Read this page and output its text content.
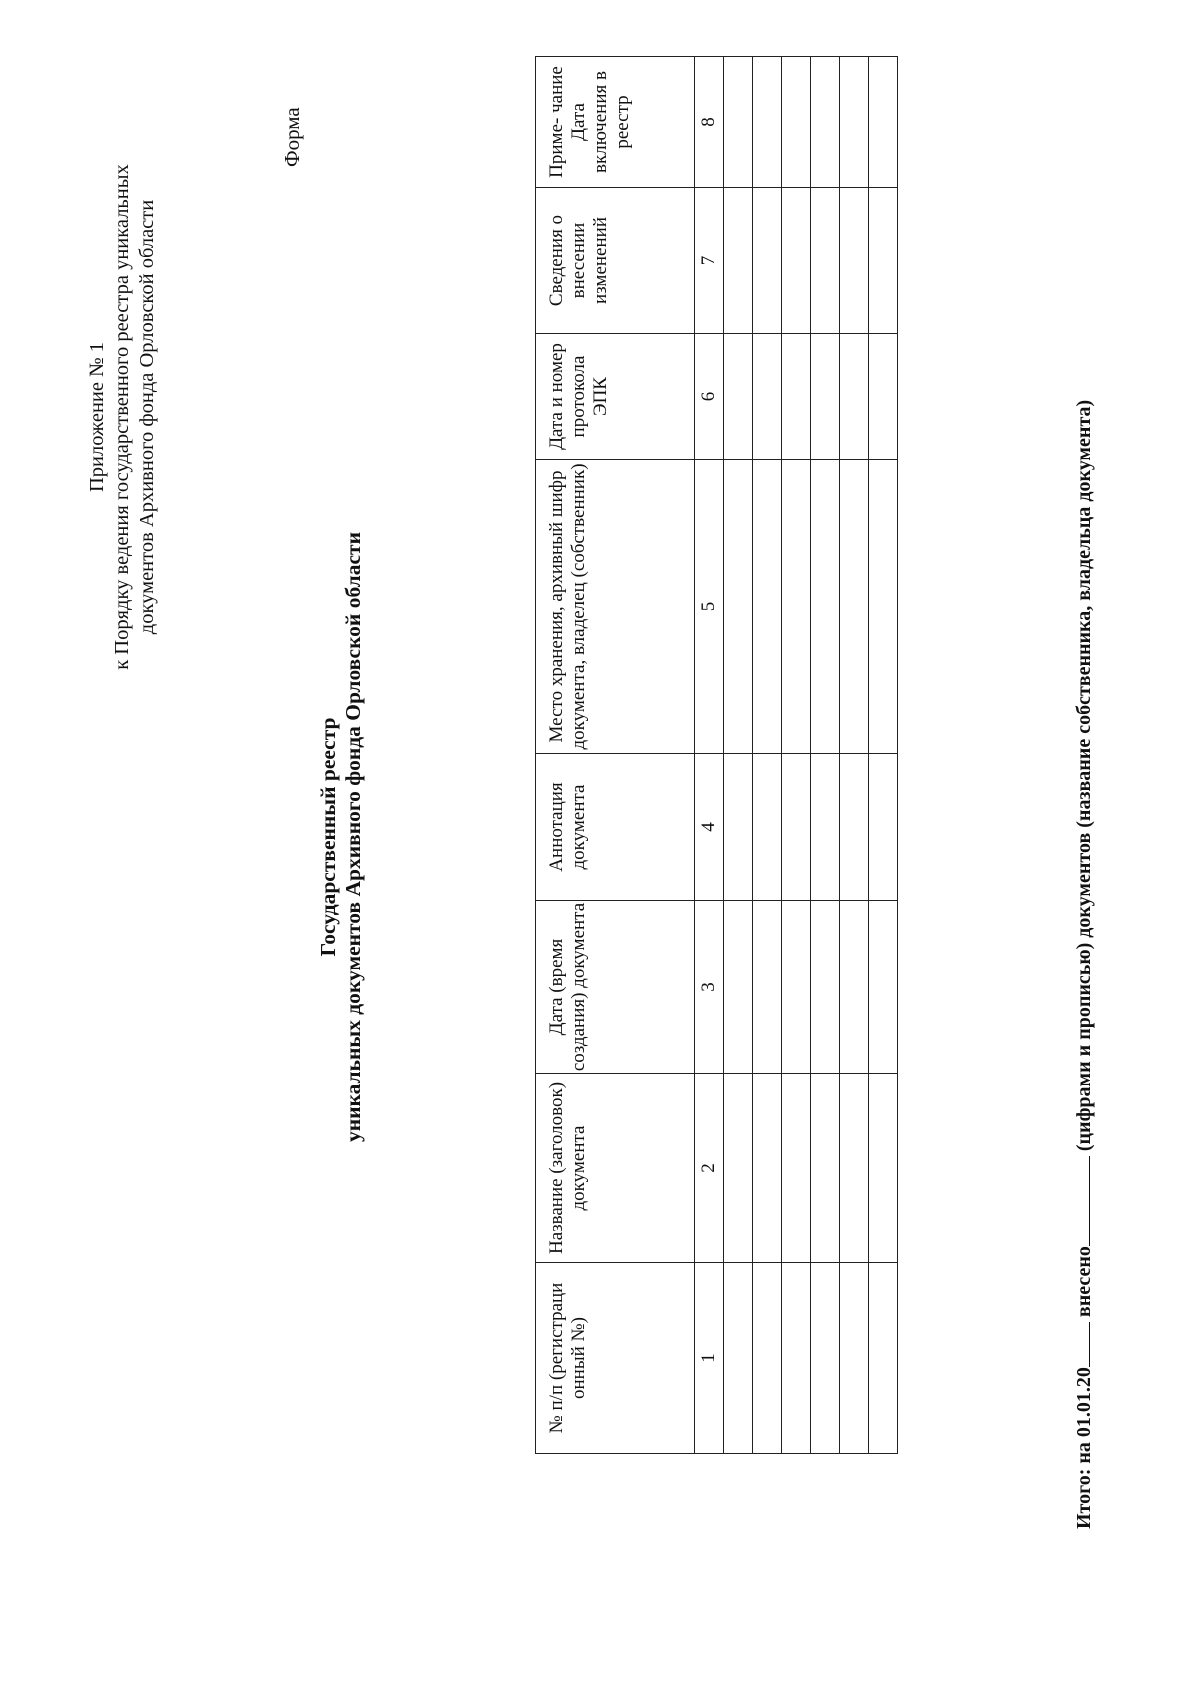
Приложение № 1 к Порядку ведения государственного реестра уникальных документов Архивного фонда Орловской области
Форма
Государственный реестр уникальных документов Архивного фонда Орловской области
№ п/п (регистраци онный №)	Название (заголовок) документа	Дата (время создания) документа	Аннотация документа	Место хранения, архивный шифр документа, владелец (собственник)	Дата и номер протокола ЭПК	Сведения о внесении изменений	Приме- чание Дата включения в реестр
1	2	3	4	5	6	7	8

Итого: на 01.01.20 внесено (цифрами и прописью) документов (название собственника, владельца документа)
